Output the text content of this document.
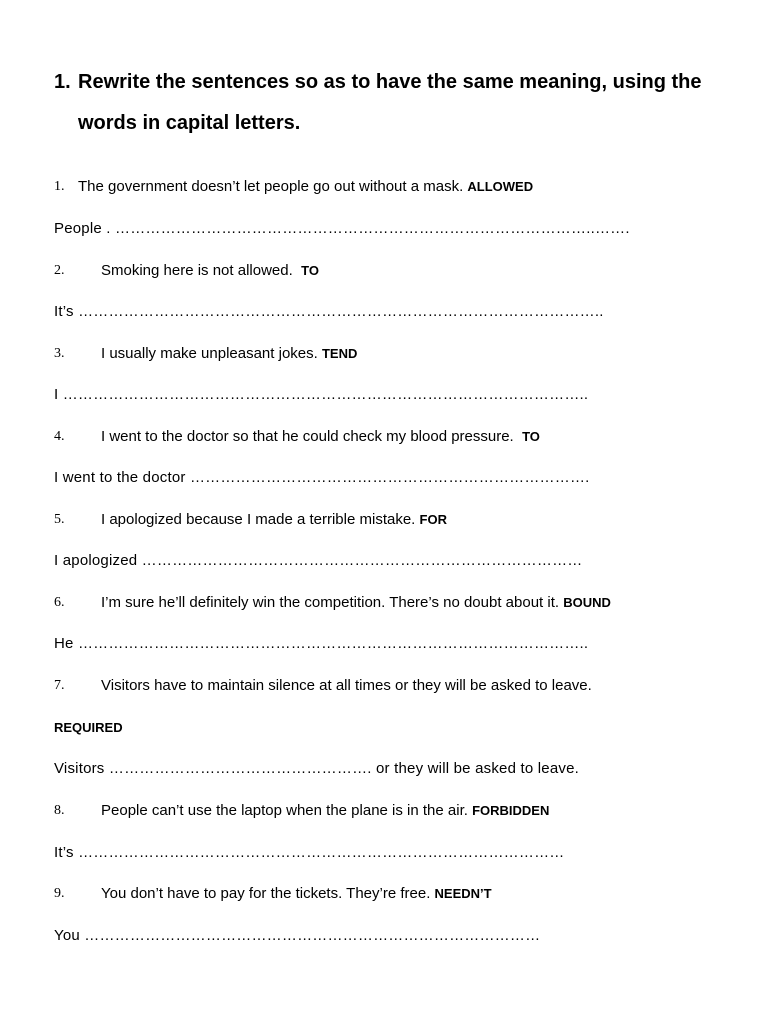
1. Rewrite the sentences so as to have the same meaning, using the words in capital letters.
1. The government doesn’t let people go out without a mask. ALLOWED
People . …………………………………………………………………………………..…….
2. Smoking here is not allowed. TO
It’s …………………………………………………………………………………………..
3. I usually make unpleasant jokes. TEND
I …………………………………………………………………………………………..
4. I went to the doctor so that he could check my blood pressure. TO
I went to the doctor …………………………………………………………………….
5. I apologized because I made a terrible mistake. FOR
I apologized ……………………………………………………………………………
6. I’m sure he’ll definitely win the competition. There’s no doubt about it. BOUND
He ………………………………………………………………………………………..
7. Visitors have to maintain silence at all times or they will be asked to leave.
REQUIRED
Visitors ……………………………………………. or they will be asked to leave.
8. People can’t use the laptop when the plane is in the air. FORBIDDEN
It’s ……………………………………………………………………………………
9. You don’t have to pay for the tickets. They’re free. NEEDN’T
You ………………………………………………………………………………
